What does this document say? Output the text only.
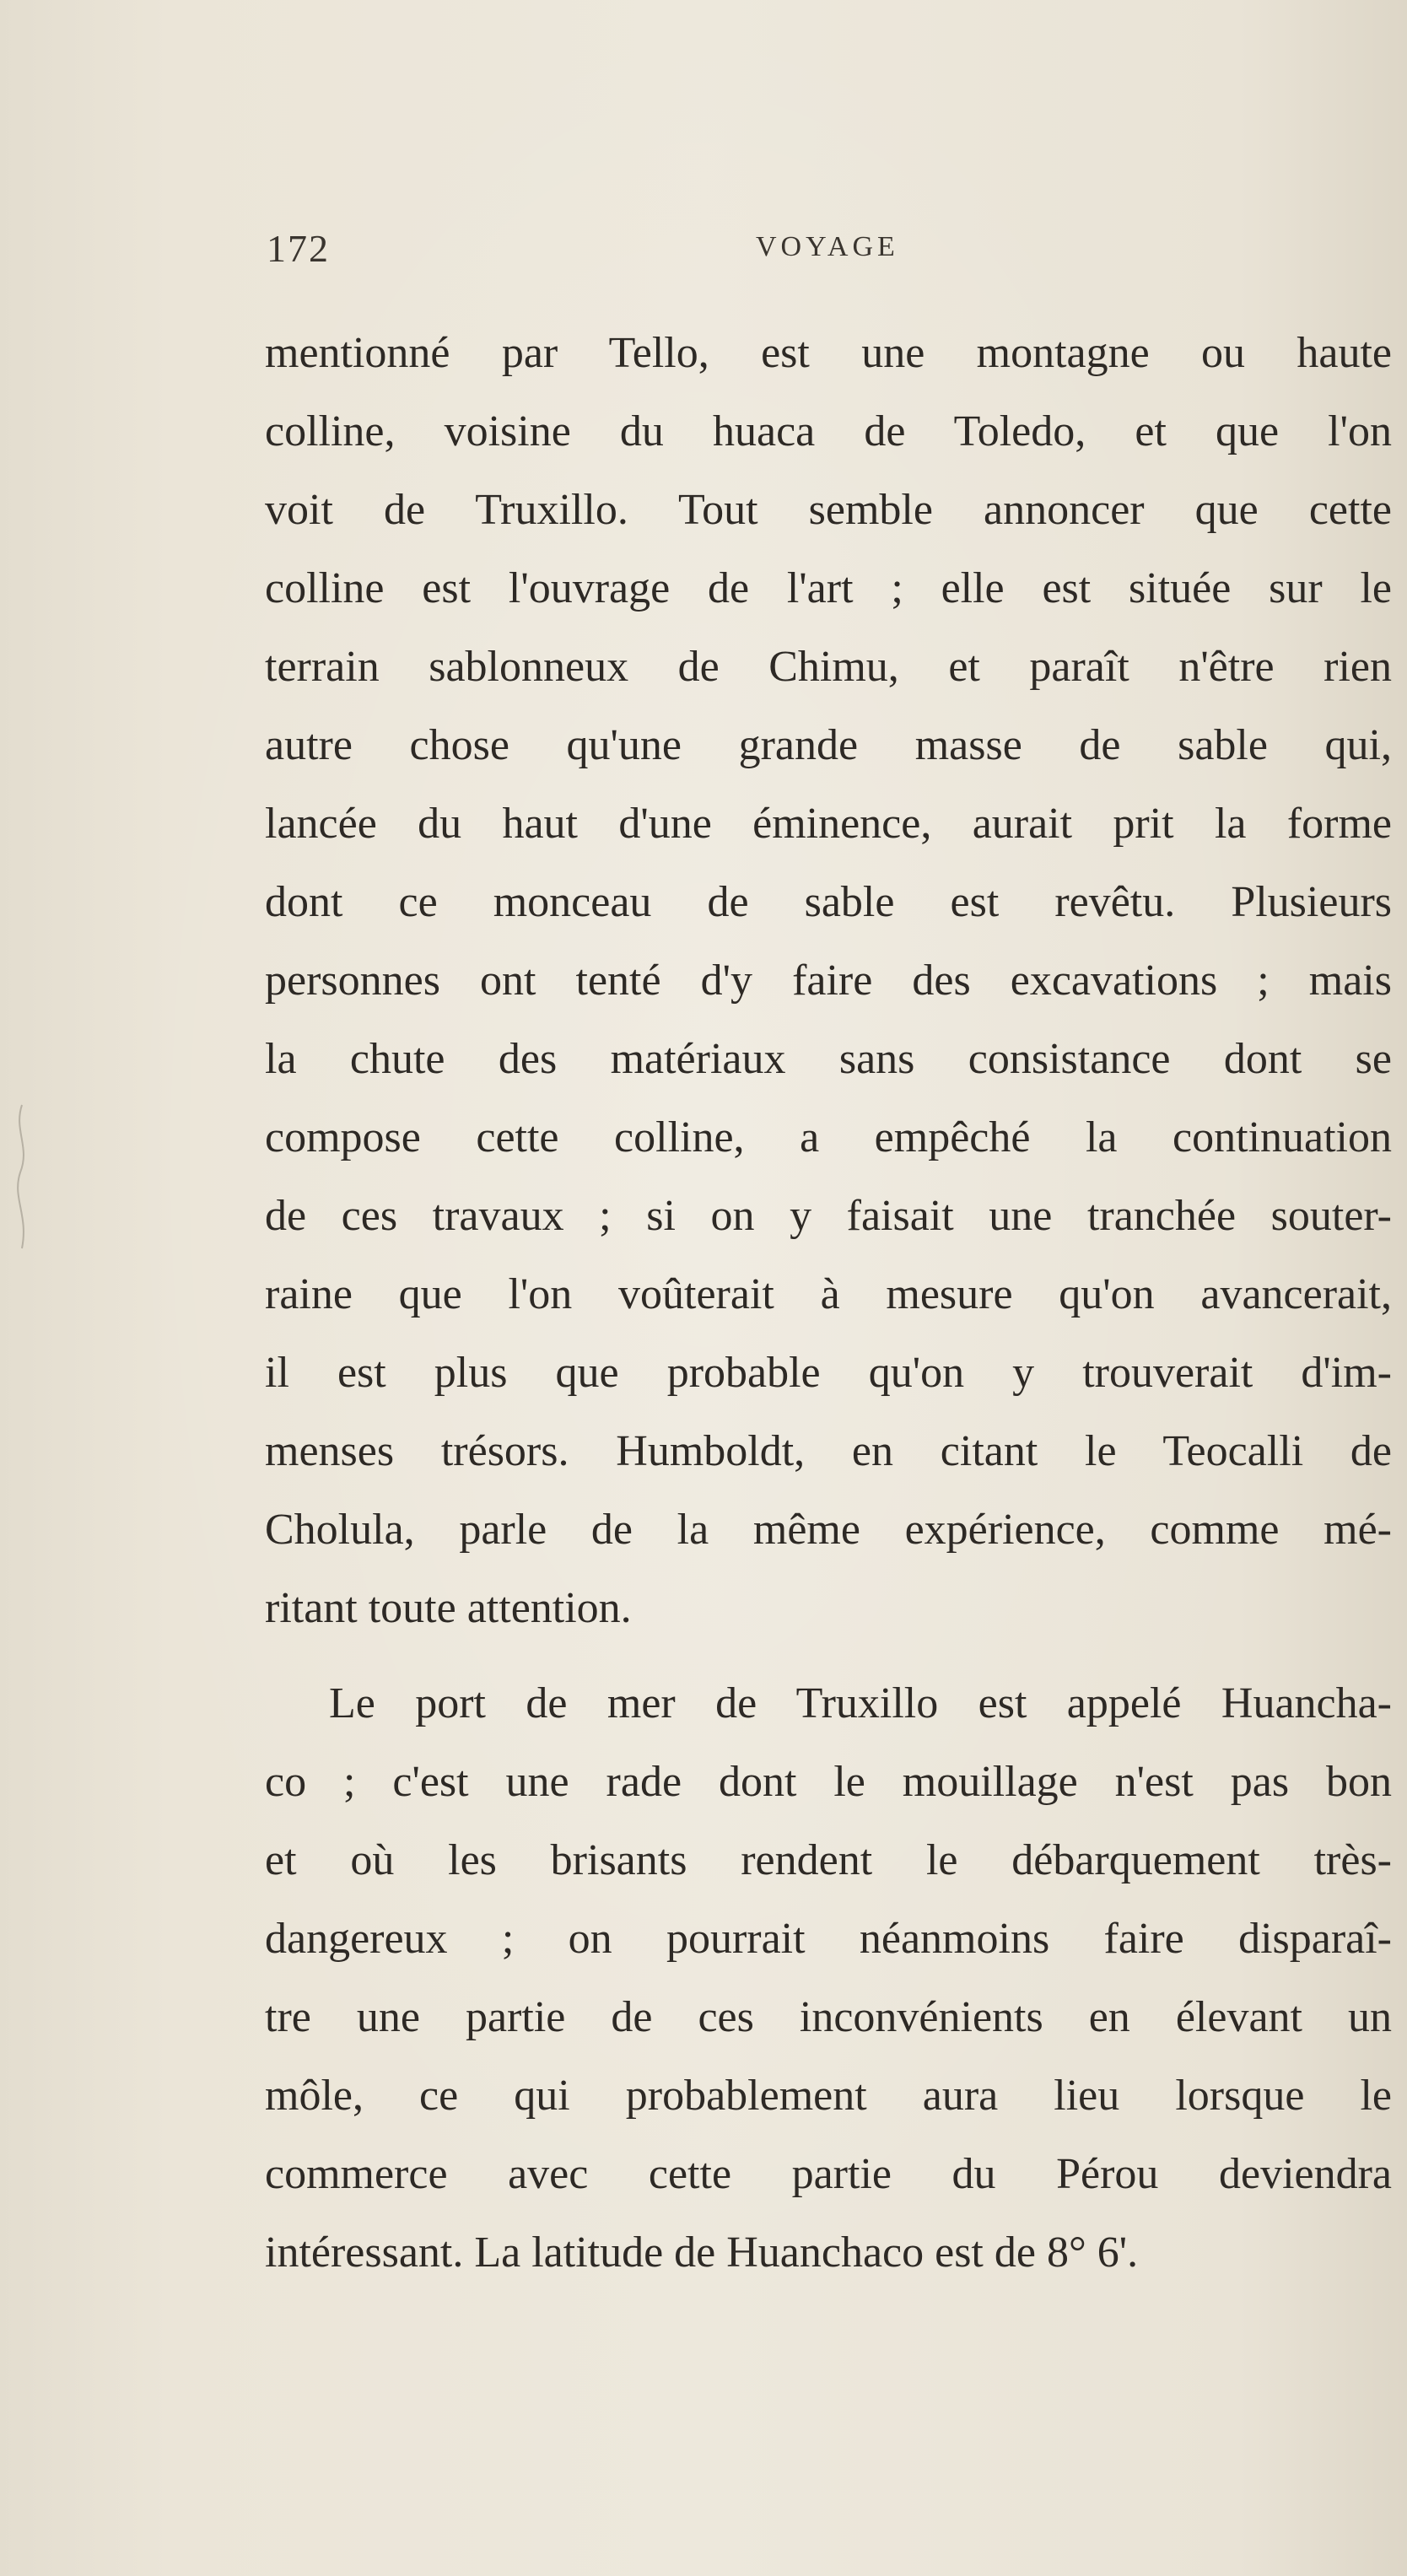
172	VOYAGE
mentionné par Tello, est une montagne ou haute
colline, voisine du huaca de Toledo, et que l'on
voit de Truxillo. Tout semble annoncer que cette
colline est l'ouvrage de l'art ; elle est située sur le
terrain sablonneux de Chimu, et paraît n'être rien
autre chose qu'une grande masse de sable qui,
lancée du haut d'une éminence, aurait prit la forme
dont ce monceau de sable est revêtu. Plusieurs
personnes ont tenté d'y faire des excavations ; mais
la chute des matériaux sans consistance dont se
compose cette colline, a empêché la continuation
de ces travaux ; si on y faisait une tranchée souter-
raine que l'on voûterait à mesure qu'on avancerait,
il est plus que probable qu'on y trouverait d'im-
menses trésors. Humboldt, en citant le Teocalli de
Cholula, parle de la même expérience, comme mé-
ritant toute attention.
Le port de mer de Truxillo est appelé Huancha-
co ; c'est une rade dont le mouillage n'est pas bon
et où les brisants rendent le débarquement très-
dangereux ; on pourrait néanmoins faire disparaî-
tre une partie de ces inconvénients en élevant un
môle, ce qui probablement aura lieu lorsque le
commerce avec cette partie du Pérou deviendra
intéressant. La latitude de Huanchaco est de 8° 6'.
